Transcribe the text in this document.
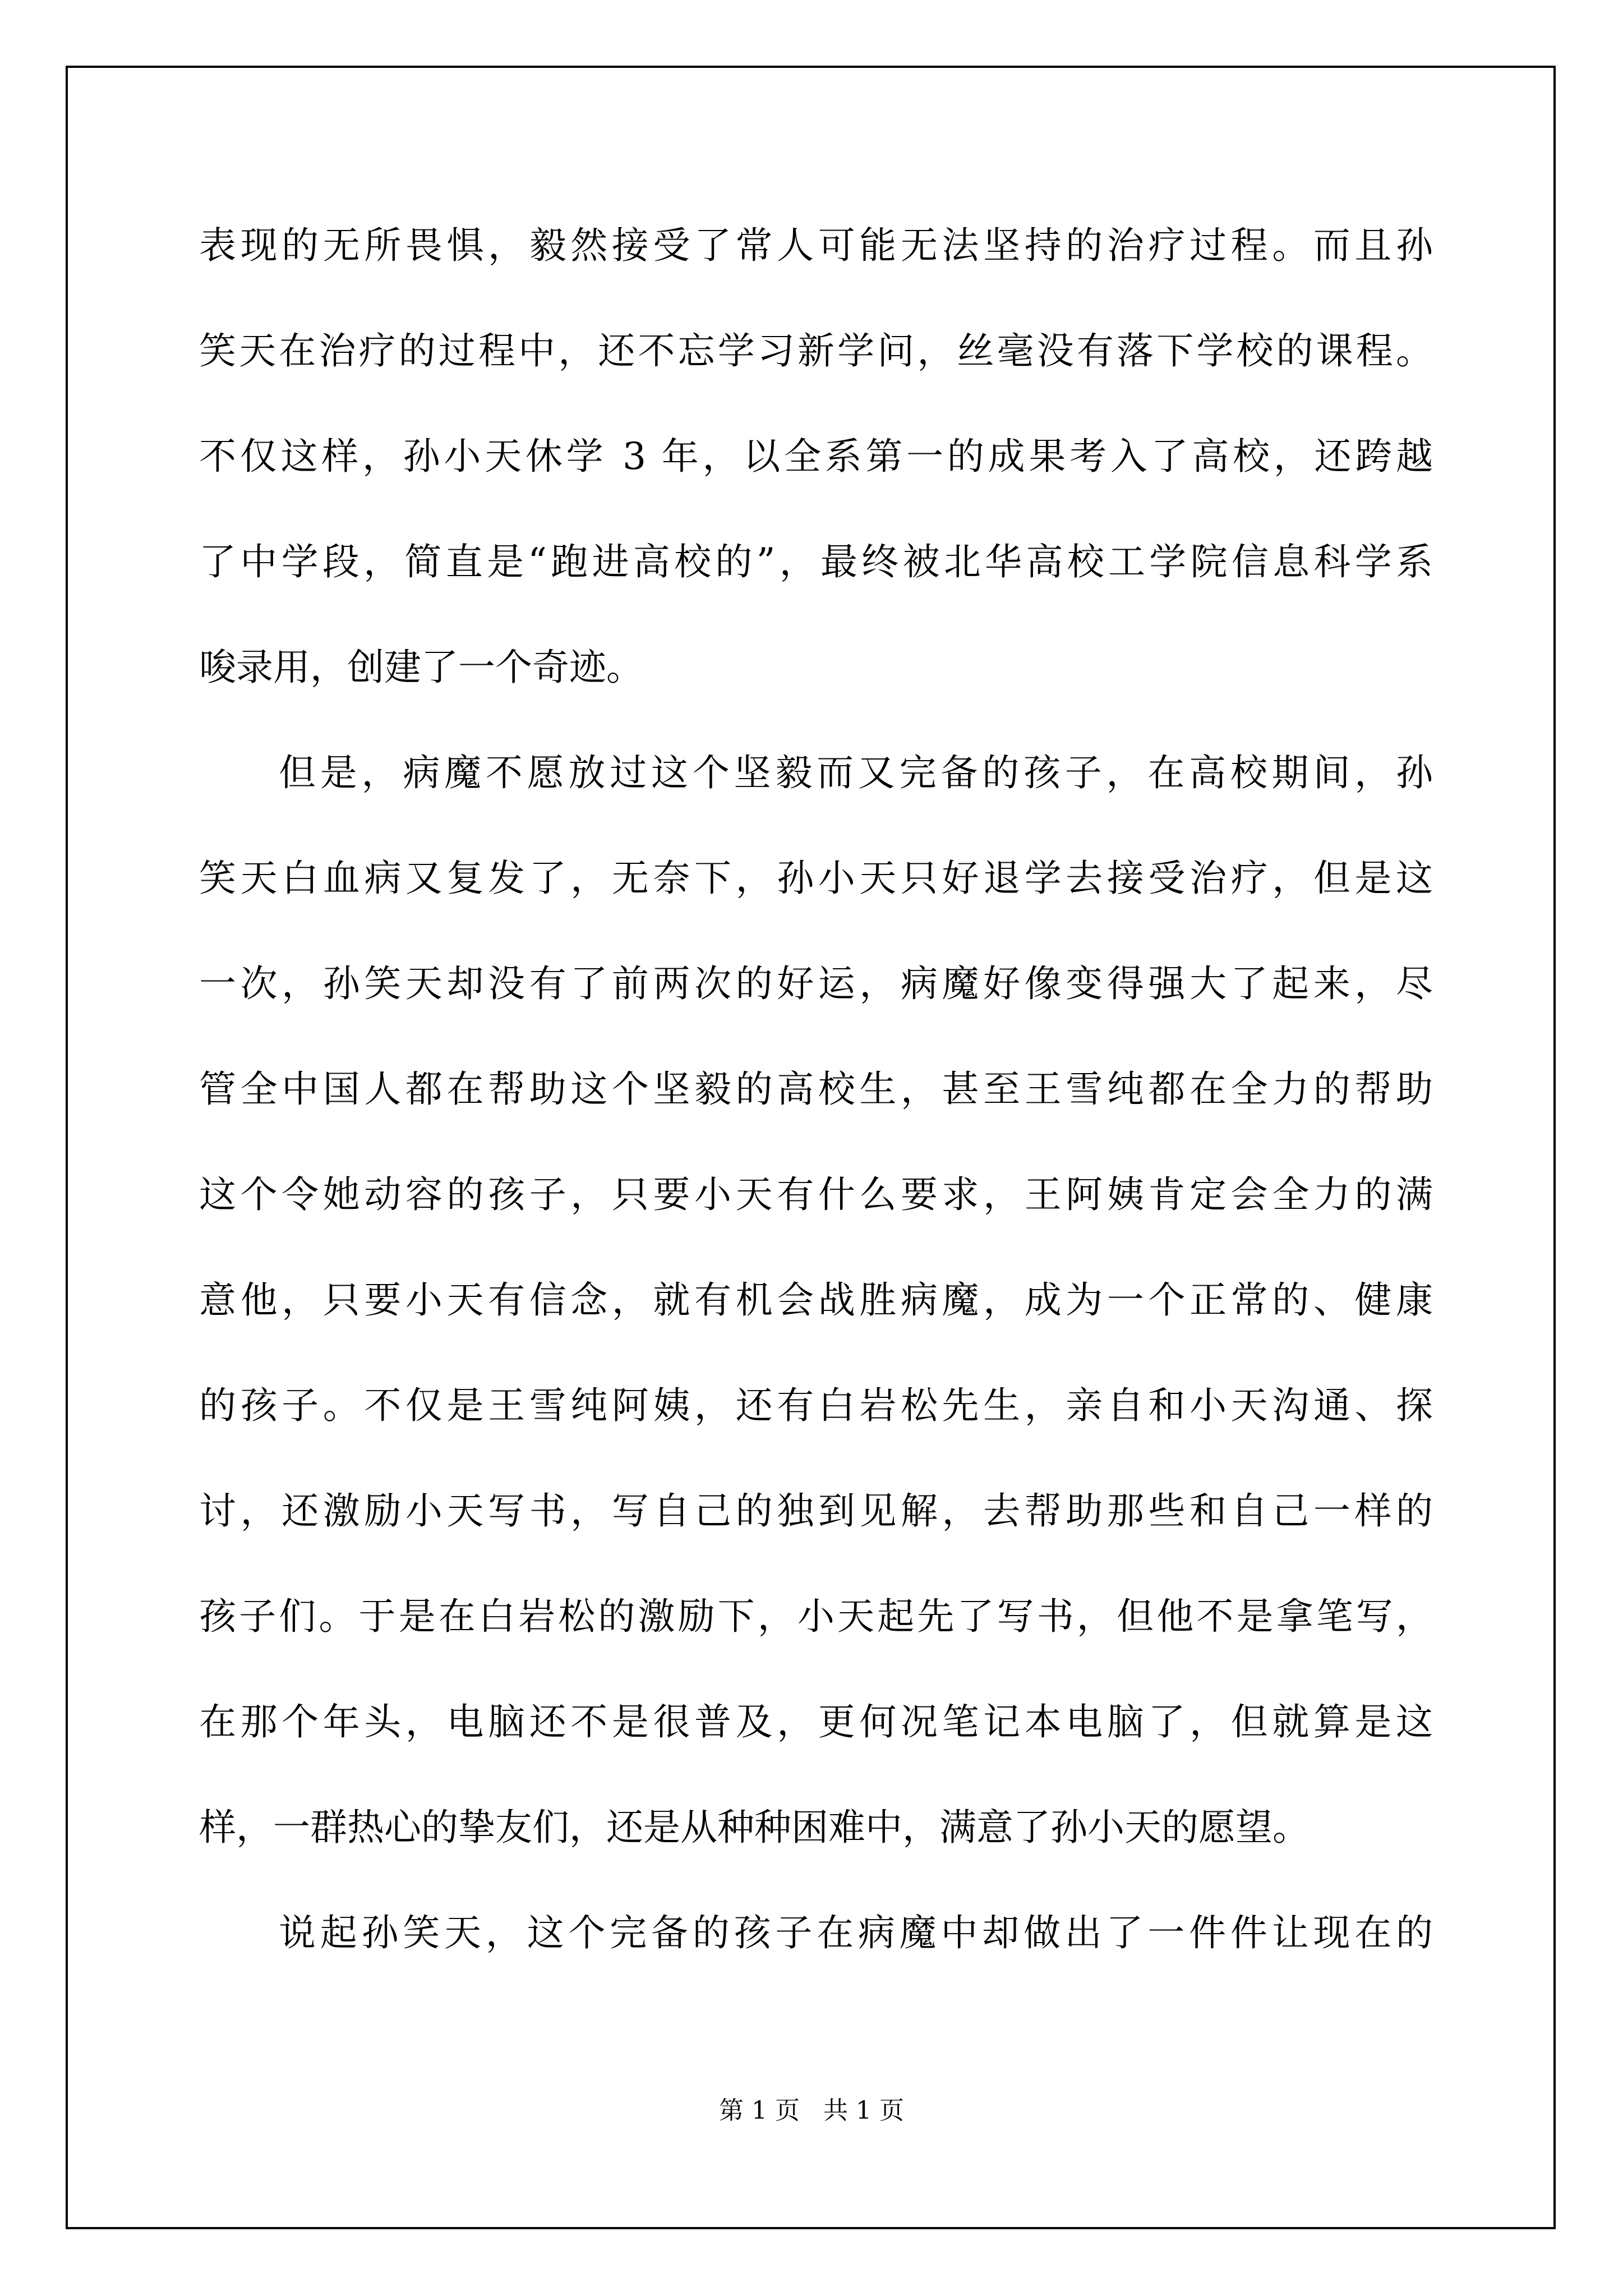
表现的无所畏惧，毅然接受了常人可能无法坚持的治疗过程。而且孙
笑天在治疗的过程中，还不忘学习新学问，丝毫没有落下学校的课程。
不仅这样，孙小天休学 3 年，以全系第一的成果考入了高校，还跨越
了中学段，简直是“跑进高校的”，最终被北华高校工学院信息科学系
唆录用，创建了一个奇迹。
但是，病魔不愿放过这个坚毅而又完备的孩子，在高校期间，孙
笑天白血病又复发了，无奈下，孙小天只好退学去接受治疗，但是这
一次，孙笑天却没有了前两次的好运，病魔好像变得强大了起来，尽
管全中国人都在帮助这个坚毅的高校生，甚至王雪纯都在全力的帮助
这个令她动容的孩子，只要小天有什么要求，王阿姨肯定会全力的满
意他，只要小天有信念，就有机会战胜病魔，成为一个正常的、健康
的孩子。不仅是王雪纯阿姨，还有白岩松先生，亲自和小天沟通、探
讨，还激励小天写书，写自己的独到见解，去帮助那些和自己一样的
孩子们。于是在白岩松的激励下，小天起先了写书，但他不是拿笔写，
在那个年头，电脑还不是很普及，更何况笔记本电脑了，但就算是这
样，一群热心的挚友们，还是从种种困难中，满意了孙小天的愿望。
说起孙笑天，这个完备的孩子在病魔中却做出了一件件让现在的
第 1 页   共 1 页
